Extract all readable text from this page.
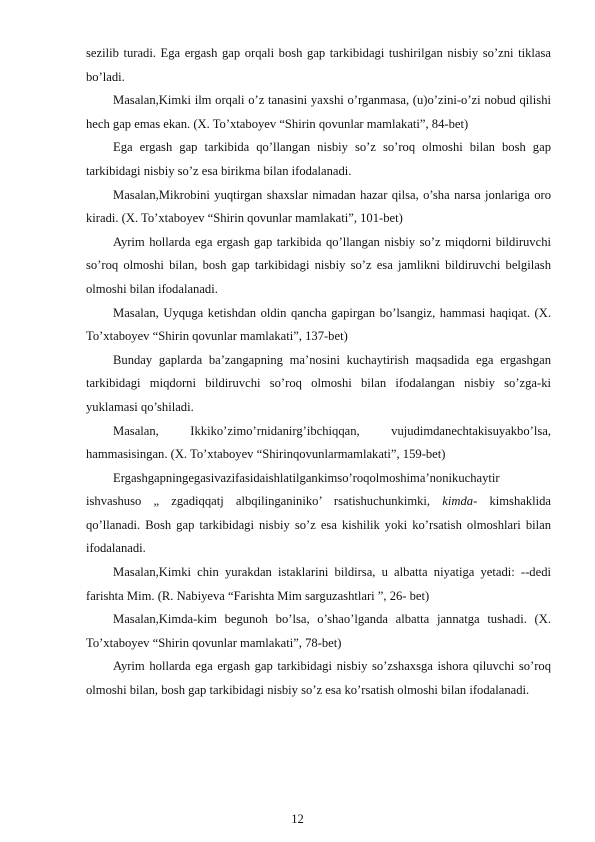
sezilib turadi. Ega ergash gap orqali bosh gap tarkibidagi tushirilgan nisbiy so’zni tiklasa bo’ladi.

Masalan,Kimki ilm orqali o’z tanasini yaxshi o’rganmasa, (u)o’zini-o’zi nobud qilishi hech gap emas ekan. (X. To’xtaboyev “Shirin qovunlar mamlakati”, 84-bet)

Ega ergash gap tarkibida qo’llangan nisbiy so’z so’roq olmoshi bilan bosh gap tarkibidagi nisbiy so’z esa birikma bilan ifodalanadi.

Masalan,Mikrobini yuqtirgan shaxslar nimadan hazar qilsa, o’sha narsa jonlariga oro kiradi. (X. To’xtaboyev “Shirin qovunlar mamlakati”, 101-bet)

Ayrim hollarda ega ergash gap tarkibida qo’llangan nisbiy so’z miqdorni bildiruvchi so’roq olmoshi bilan, bosh gap tarkibidagi nisbiy so’z esa jamlikni bildiruvchi belgilash olmoshi bilan ifodalanadi.

Masalan, Uyquga ketishdan oldin qancha gapirgan bo’lsangiz, hammasi haqiqat. (X. To’xtaboyev “Shirin qovunlar mamlakati”, 137-bet)

Bunday gaplarda ba’zangapning ma’nosini kuchaytirish maqsadida ega ergashgan tarkibidagi miqdorni bildiruvchi so’roq olmoshi bilan ifodalangan nisbiy so’zga-ki yuklamasi qo’shiladi.

Masalan, Ikkiko’zimo’rnidanirg’ibchiqqan, vujudimdanechtakisuyakbo’lsa, hammasisingan. (X. To’xtaboyev “Shirinqovunlarmamlakati”, 159-bet)

Ergashgapningegasivazifasidaishlatilgankimso’roqolmoshima’nonikuchaytir

ishvashuso „ zgadiqqatj albqilinganiniko’ rsatishuchunkimki, kimda- kimshaklida qo’llanadi. Bosh gap tarkibidagi nisbiy so’z esa kishilik yoki ko’rsatish olmoshlari bilan ifodalanadi.

Masalan,Kimki chin yurakdan istaklarini bildirsa, u albatta niyatiga yetadi: --dedi farishta Mim. (R. Nabiyeva “Farishta Mim sarguzashtlari ”, 26- bet)

Masalan,Kimda-kim begunoh bo’lsa, o’shao’lganda albatta jannatga tushadi. (X. To’xtaboyev “Shirin qovunlar mamlakati”, 78-bet)

Ayrim hollarda ega ergash gap tarkibidagi nisbiy so’zshaxsga ishora qiluvchi so’roq olmoshi bilan, bosh gap tarkibidagi nisbiy so’z esa ko’rsatish olmoshi bilan ifodalanadi.

12
